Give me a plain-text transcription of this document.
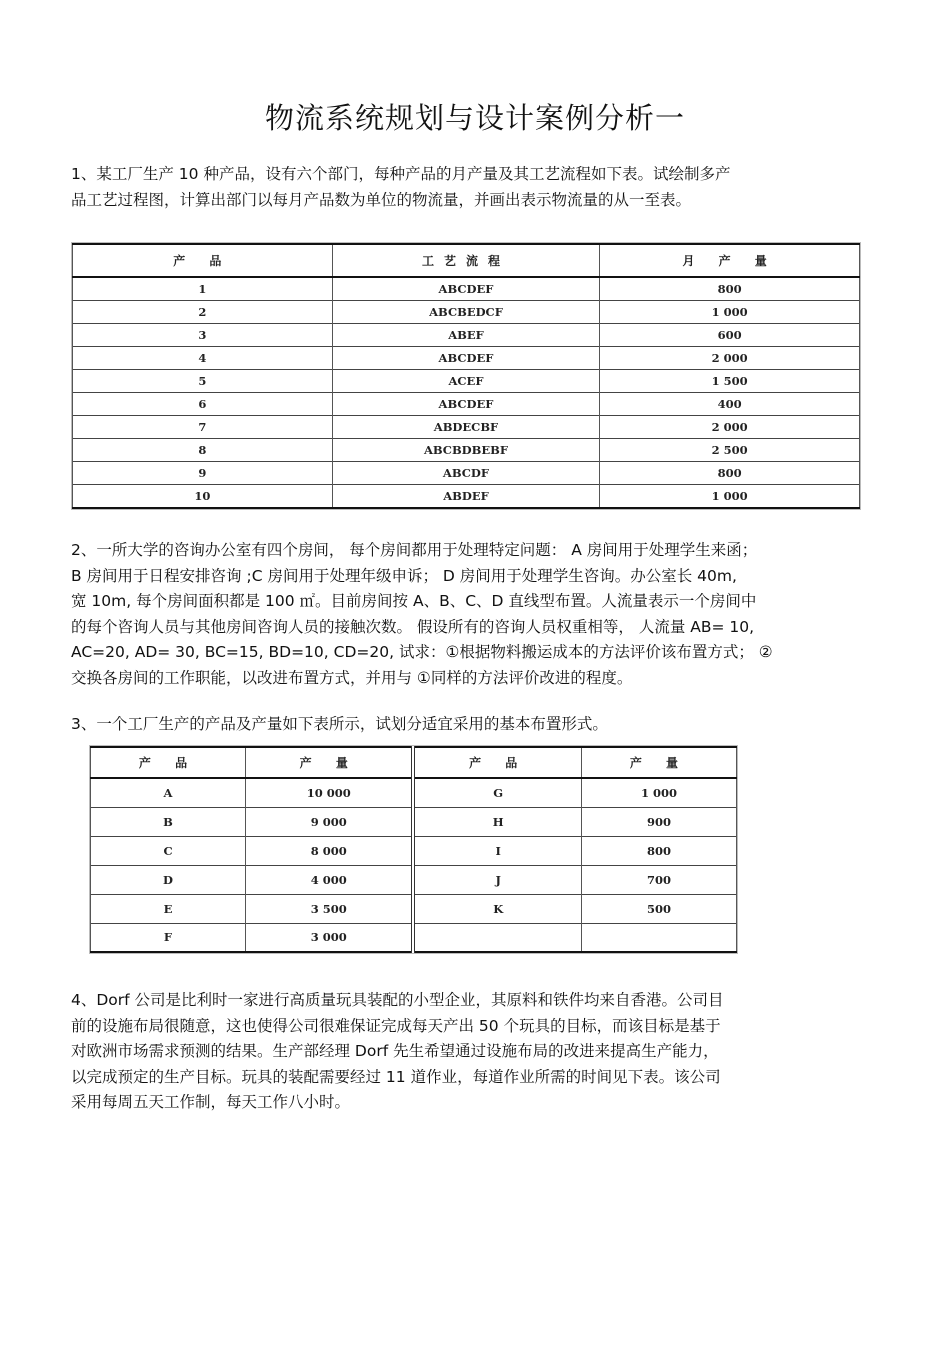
物流系统规划与设计案例分析一

1、某工厂生产 10 种产品，设有六个部门，每种产品的月产量及其工艺流程如下表。试绘制多产

品工艺过程图，计算出部门以每月产品数为单位的物流量，并画出表示物流量的从一至表。

产 品	工艺流程	月 产 量
1	ABCDEF	800
2	ABCBEDCF	1 000
3	ABEF	600
4	ABCDEF	2 000
5	ACEF	1 500
6	ABCDEF	400
7	ABDECBF	2 000
8	ABCBDBEBF	2 500
9	ABCDF	800
10	ABDEF	1 000

2、一所大学的咨询办公室有四个房间， 每个房间都用于处理特定问题： A 房间用于处理学生来函；

B 房间用于日程安排咨询 ;C 房间用于处理年级申诉； D 房间用于处理学生咨询。办公室长 40m,

宽 10m, 每个房间面积都是 100 ㎡。目前房间按 A、B、C、D 直线型布置。人流量表示一个房间中

的每个咨询人员与其他房间咨询人员的接触次数。 假设所有的咨询人员权重相等， 人流量 AB= 10,

AC=20, AD= 30, BC=15, BD=10, CD=20, 试求：①根据物料搬运成本的方法评价该布置方式； ②

交换各房间的工作职能，以改进布置方式，并用与 ①同样的方法评价改进的程度。

3、一个工厂生产的产品及产量如下表所示，试划分适宜采用的基本布置形式。

产 品	产 量	产 品	产 量
A	10 000	G	1 000
B	9 000	H	900
C	8 000	I	800
D	4 000	J	700
E	3 500	K	500
F	3 000		

4、Dorf 公司是比利时一家进行高质量玩具装配的小型企业，其原料和铁件均来自香港。公司目

前的设施布局很随意，这也使得公司很难保证完成每天产出 50 个玩具的目标，而该目标是基于

对欧洲市场需求预测的结果。生产部经理 Dorf 先生希望通过设施布局的改进来提高生产能力，

以完成预定的生产目标。玩具的装配需要经过 11 道作业，每道作业所需的时间见下表。该公司

采用每周五天工作制，每天工作八小时。
